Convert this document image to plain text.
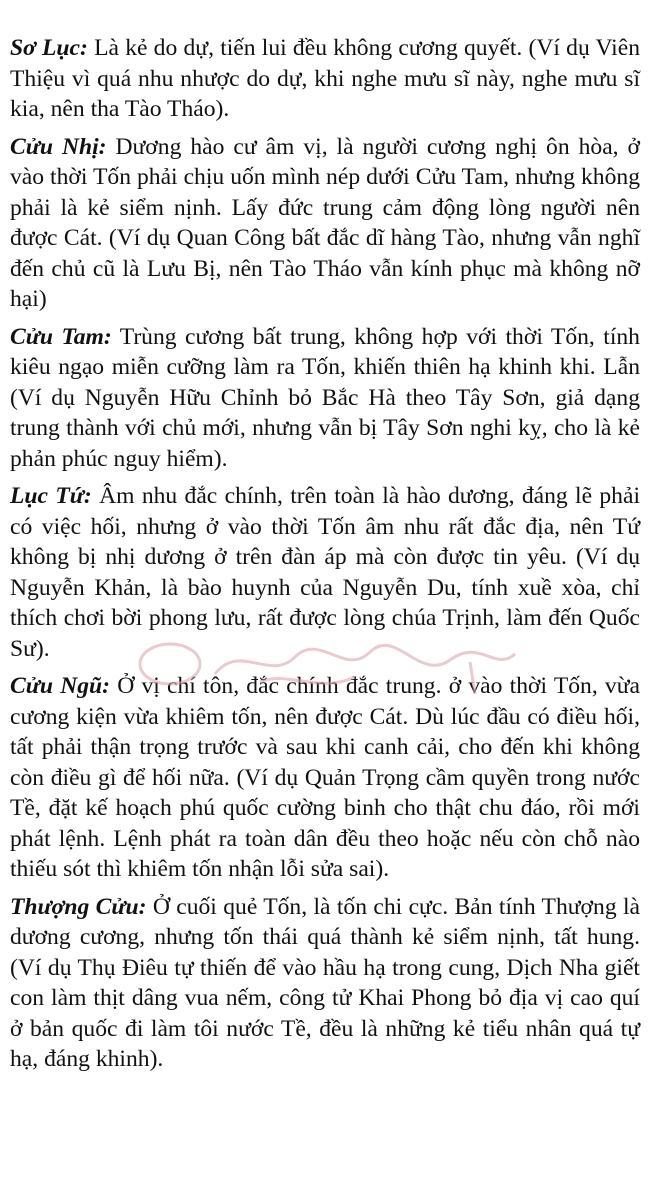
Sơ Lục: Là kẻ do dự, tiến lui đều không cương quyết. (Ví dụ Viên Thiệu vì quá nhu nhược do dự, khi nghe mưu sĩ này, nghe mưu sĩ kia, nên tha Tào Tháo).

Cửu Nhị: Dương hào cư âm vị, là người cương nghị ôn hòa, ở vào thời Tốn phải chịu uốn mình nép dưới Cửu Tam, nhưng không phải là kẻ siểm nịnh. Lấy đức trung cảm động lòng người nên được Cát. (Ví dụ Quan Công bất đắc dĩ hàng Tào, nhưng vẫn nghĩ đến chủ cũ là Lưu Bị, nên Tào Tháo vẫn kính phục mà không nỡ hại)

Cửu Tam: Trùng cương bất trung, không hợp với thời Tốn, tính kiêu ngạo miễn cưỡng làm ra Tốn, khiến thiên hạ khinh khi. Lẫn (Ví dụ Nguyễn Hữu Chỉnh bỏ Bắc Hà theo Tây Sơn, giả dạng trung thành với chủ mới, nhưng vẫn bị Tây Sơn nghi kỵ, cho là kẻ phản phúc nguy hiểm).

Lục Tứ: Âm nhu đắc chính, trên toàn là hào dương, đáng lẽ phải có việc hối, nhưng ở vào thời Tốn âm nhu rất đắc địa, nên Tứ không bị nhị dương ở trên đàn áp mà còn được tin yêu. (Ví dụ Nguyễn Khản, là bào huynh của Nguyễn Du, tính xuề xòa, chỉ thích chơi bời phong lưu, rất được lòng chúa Trịnh, làm đến Quốc Sư).

Cửu Ngũ: Ở vị chí tôn, đắc chính đắc trung. ở vào thời Tốn, vừa cương kiện vừa khiêm tốn, nên được Cát. Dù lúc đầu có điều hối, tất phải thận trọng trước và sau khi canh cải, cho đến khi không còn điều gì để hối nữa. (Ví dụ Quản Trọng cầm quyền trong nước Tề, đặt kế hoạch phú quốc cường binh cho thật chu đáo, rồi mới phát lệnh. Lệnh phát ra toàn dân đều theo hoặc nếu còn chỗ nào thiếu sót thì khiêm tốn nhận lỗi sửa sai).

Thượng Cửu: Ở cuối quẻ Tốn, là tốn chi cực. Bản tính Thượng là dương cương, nhưng tốn thái quá thành kẻ siểm nịnh, tất hung. (Ví dụ Thụ Điêu tự thiến để vào hầu hạ trong cung, Dịch Nha giết con làm thịt dâng vua nếm, công tử Khai Phong bỏ địa vị cao quí ở bản quốc đi làm tôi nước Tề, đều là những kẻ tiểu nhân quá tự hạ, đáng khinh).
